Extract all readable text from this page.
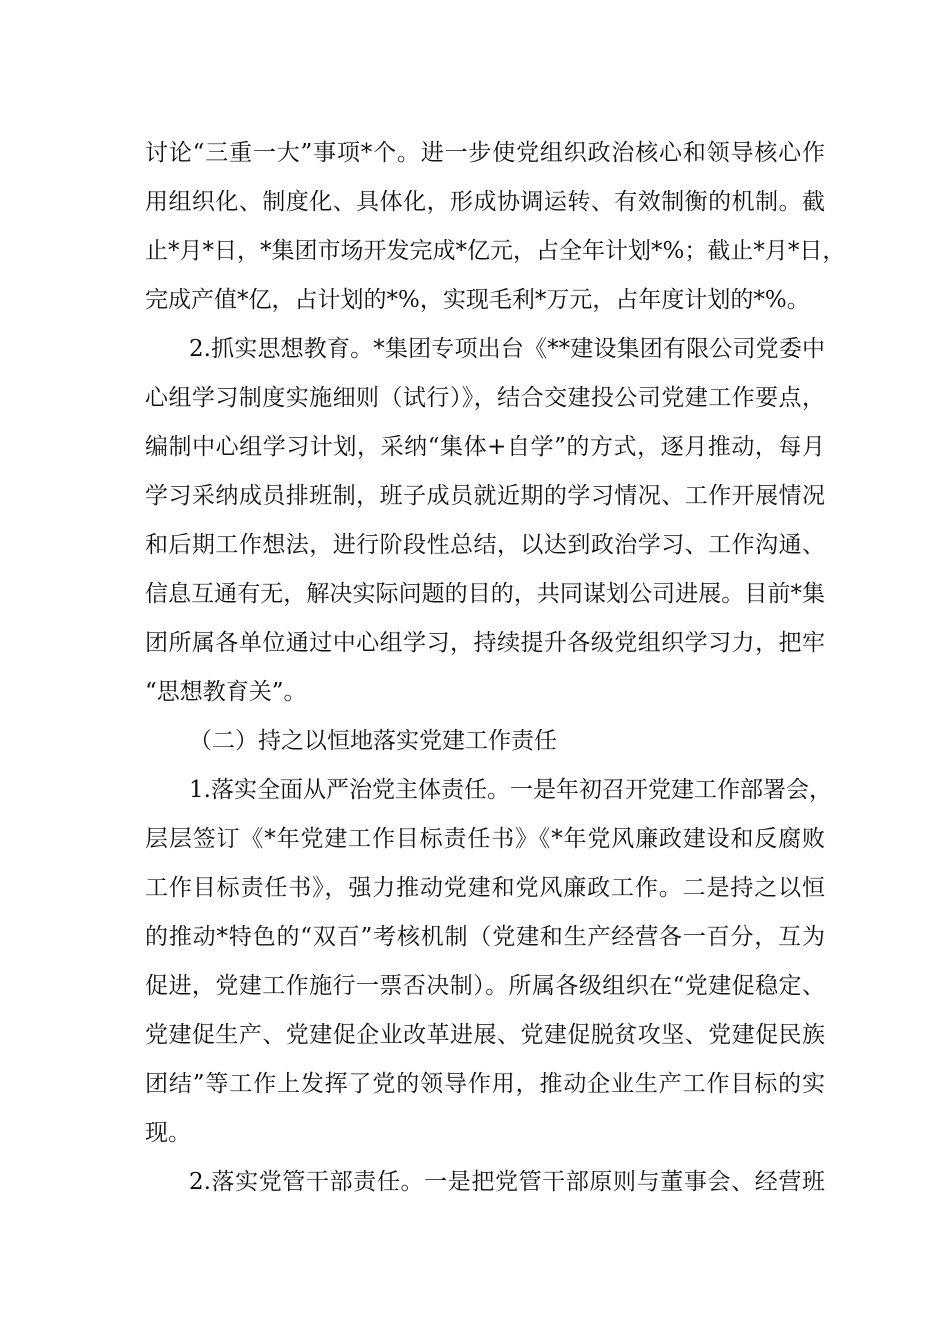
讨论“三重一大”事项*个。进一步使党组织政治核心和领导核心作
用组织化、制度化、具体化，形成协调运转、有效制衡的机制。截
止*月*日，*集团市场开发完成*亿元，占全年计划*%；截止*月*日，
完成产值*亿，占计划的*%，实现毛利*万元，占年度计划的*%。
2.抓实思想教育。*集团专项出台《**建设集团有限公司党委中
心组学习制度实施细则（试行）》，结合交建投公司党建工作要点，
编制中心组学习计划，采纳“集体+自学”的方式，逐月推动，每月
学习采纳成员排班制，班子成员就近期的学习情况、工作开展情况
和后期工作想法，进行阶段性总结，以达到政治学习、工作沟通、
信息互通有无，解决实际问题的目的，共同谋划公司进展。目前*集
团所属各单位通过中心组学习，持续提升各级党组织学习力，把牢
“思想教育关”。
（二）持之以恒地落实党建工作责任
1.落实全面从严治党主体责任。一是年初召开党建工作部署会，
层层签订《*年党建工作目标责任书》《*年党风廉政建设和反腐败
工作目标责任书》，强力推动党建和党风廉政工作。二是持之以恒
的推动*特色的“双百”考核机制（党建和生产经营各一百分，互为
促进，党建工作施行一票否决制）。所属各级组织在“党建促稳定、
党建促生产、党建促企业改革进展、党建促脱贫攻坚、党建促民族
团结”等工作上发挥了党的领导作用，推动企业生产工作目标的实
现。
2.落实党管干部责任。一是把党管干部原则与董事会、经营班
